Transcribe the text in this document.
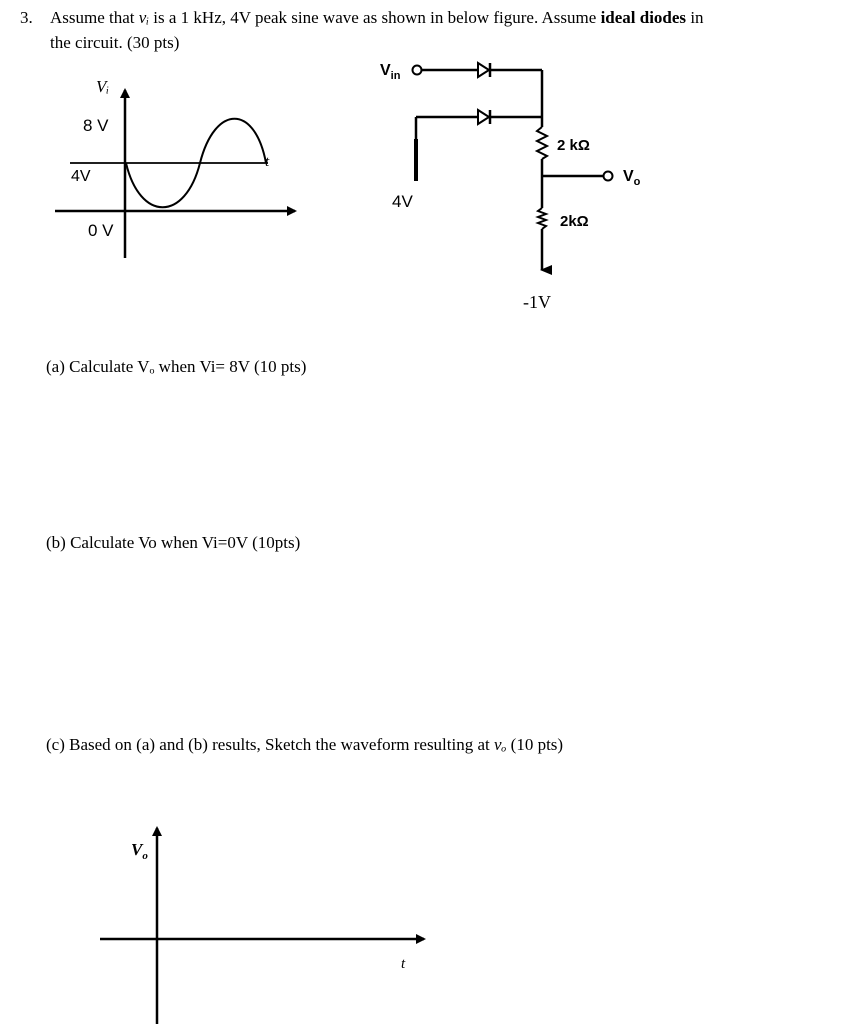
3. Assume that vᵢ is a 1 kHz, 4V peak sine wave as shown in below figure. Assume ideal diodes in
the circuit. (30 pts)
Vᵢ
t
8 V
4V
0 V
$V_{in}$
4V
2 kΩ
$V_o$
2kΩ
-1V
(a) Calculate Vₒ when Vi= 8V (10 pts)
(b) Calculate Vo when Vi=0V (10pts)
(c) Based on (a) and (b) results, Sketch the waveform resulting at vₒ (10 pts)
$V_o$
t
